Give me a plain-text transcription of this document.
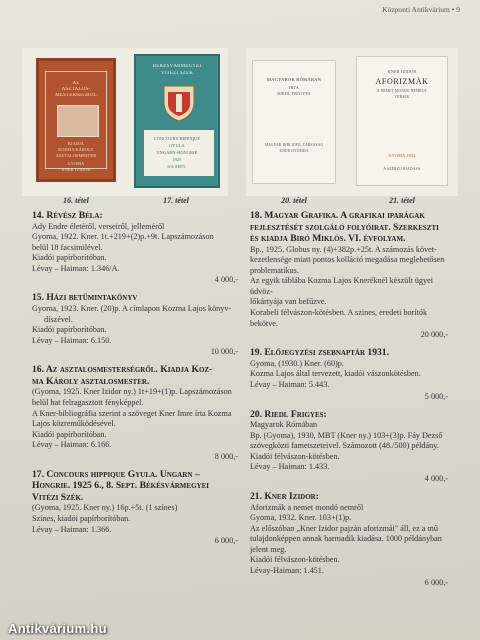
Központi Antikvárium • 9
AZ
ASZTALOS-
MESTERSÉGRŐL
KIADJA
KOZMA KÁROLY
ASZTALOSMESTER
GYOMA
KNER IZIDOR
16. tétel
BÉKÉSVÁRMEGYEI
VITÉZI SZÉK
CONCOURS HIPPIQUE
GYULA
UNGARN-HONGRIE
1925
6-8 SEPT.
17. tétel
MAGYAROK RÓMÁBAN
IRTA
RIEDL FRIGYES
MAGYAR BIBLIOFIL TÁRSASÁG
KNER NYOMDA
20. tétel
KNER IZIDOR
AFORIZMÁK
A NEMET MONDO NEMRÖL
VERSEK
GYOMA 1932
A SZERZŐ KIADÁSA
21. tétel

14. Révész Béla:

Ady Endre életéről, verseiről, jelleméről

Gyoma, 1922. Kner. 1t.+219+(2)p.+9t. Lapszámozáson

belül 18 facsimilével.

Kiadói papírborítóban.

Lévay – Haiman: 1.346/A.

4 000,-

15. Házi betűmintakönyv

Gyoma, 1923. Kner. (20)p. A címlapon Kozma Lajos könyv-

díszével.

Kiadói papírborítóban.

Lévay – Haiman: 6.150.

10 000,-

16. Az asztalosmesterségről. Kiadja Koz-

ma Károly asztalosmester.

(Gyoma, 1925. Kner Izidor ny.) 1t+19+(1)p. Lapszámozáson

belül hat felragasztott fényképpel.

A Kner-bibliográfia szerint a szöveget Kner Imre írta Kozma

Lajos közreműködésével.

Kiadói papírborítóban.

Lévay – Haiman: 6.166.

8 000,-

17. Concours hippique Gyula. Ungarn –

Hongrie. 1925 6., 8. Sept. Békésvármegyei

Vitézi Szék.

(Gyoma, 1925. Kner ny.) 16p.+5t. (1 színes)

Színes, kiadói papírborítóban.

Lévay – Haiman: 1.366.

6 000,-

18. Magyar Grafika. A grafikai iparágak

fejlesztését szolgáló folyóirat. Szerkeszti

és kiadja Biró Miklós. VI. évfolyam.

Bp., 1925. Globus ny. (4)+382p.+25t. A számozás követ-

kezetlensége miatt pontos kolláció megadása meglehetősen

problematikus.

Az egyik táblába Kozma Lajos Kneréknél készült ügyei üdvöz-

lőkártyája van befűzve.

Korabeli félvászon-kötésben. A szines, eredeti borítók bekötve.

20 000,-

19. Előjegyzési zsebnaptár 1931.

Gyoma, (1930.) Kner. (60)p.

Kozma Lajos által tervezett, kiadói vászonkötésben.

Lévay – Haiman: 5.443.

5 000,-

20. Riedl Frigyes:

Magyarok Rómában

Bp. (Gyoma), 1930, MBT (Kner ny.) 103+(3)p. Fáy Dezső

szövegközti fametszeteivel. Számozott (48./500) példány.

Kiadói félvászon-kötésben.

Lévay – Haiman: 1.433.

4 000,-

21. Kner Izidor:

Aforizmák a nemet mondó nemről

Gyoma, 1932. Kner. 103+(1)p.

Az előszóban „Kner Izidor pajzán aforizmái" áll, ez a mű

tulajdonképpen annak harmadik kiadása. 1000 példányban

jelent meg.

Kiadói félvászon-kötésben.

Lévay-Haiman: 1.451.

6 000,-

Antikvárium.hu
